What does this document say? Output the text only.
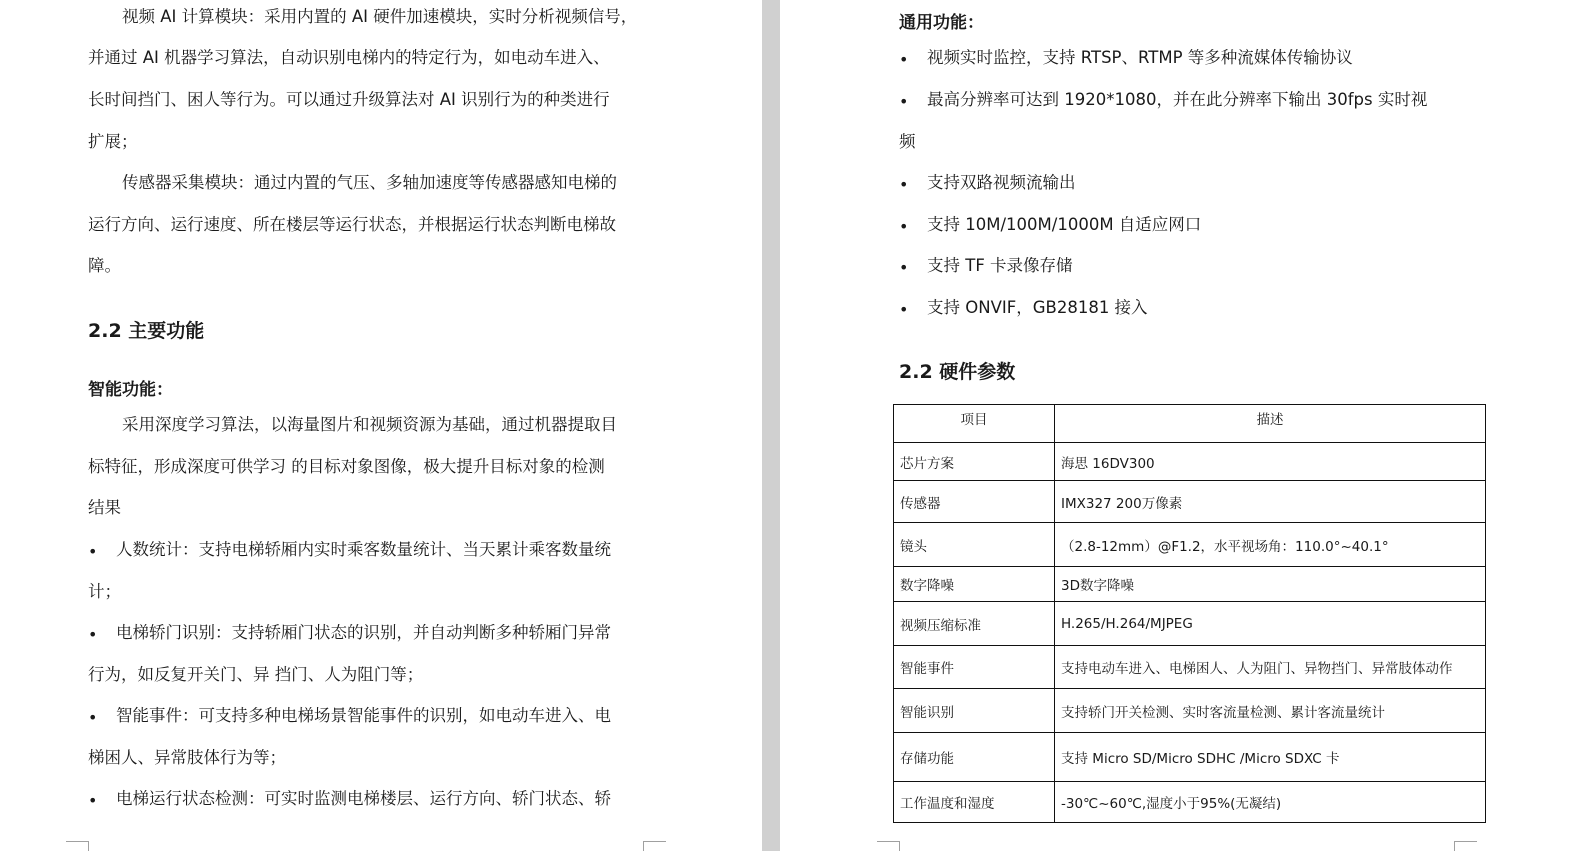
视频 AI 计算模块：采用内置的 AI 硬件加速模块，实时分析视频信号，
并通过 AI 机器学习算法，自动识别电梯内的特定行为，如电动车进入、
长时间挡门、困人等行为。可以通过升级算法对 AI 识别行为的种类进行
扩展；
传感器采集模块：通过内置的气压、多轴加速度等传感器感知电梯的
运行方向、运行速度、所在楼层等运行状态，并根据运行状态判断电梯故
障。
2.2 主要功能
智能功能：
采用深度学习算法，以海量图片和视频资源为基础，通过机器提取目
标特征，形成深度可供学习 的目标对象图像，极大提升目标对象的检测
结果
• 人数统计：支持电梯轿厢内实时乘客数量统计、当天累计乘客数量统
计；
• 电梯轿门识别：支持轿厢门状态的识别，并自动判断多种轿厢门异常
行为，如反复开关门、异 挡门、人为阻门等；
• 智能事件：可支持多种电梯场景智能事件的识别，如电动车进入、电
梯困人、异常肢体行为等；
• 电梯运行状态检测：可实时监测电梯楼层、运行方向、轿门状态、轿
通用功能：
• 视频实时监控，支持 RTSP、RTMP 等多种流媒体传输协议
• 最高分辨率可达到 1920*1080，并在此分辨率下输出 30fps 实时视
频
• 支持双路视频流输出
• 支持 10M/100M/1000M 自适应网口
• 支持 TF 卡录像存储
• 支持 ONVIF，GB28181 接入
2.2 硬件参数
项目	描述
芯片方案	海思 16DV300
传感器	IMX327 200万像素
镜头	（2.8-12mm）@F1.2，水平视场角：110.0°~40.1°
数字降噪	3D数字降噪
视频压缩标准	H.265/H.264/MJPEG
智能事件	支持电动车进入、电梯困人、人为阻门、异物挡门、异常肢体动作
智能识别	支持轿门开关检测、实时客流量检测、累计客流量统计
存储功能	支持 Micro SD/Micro SDHC /Micro SDXC 卡
工作温度和湿度	-30℃~60℃,湿度小于95%(无凝结)
